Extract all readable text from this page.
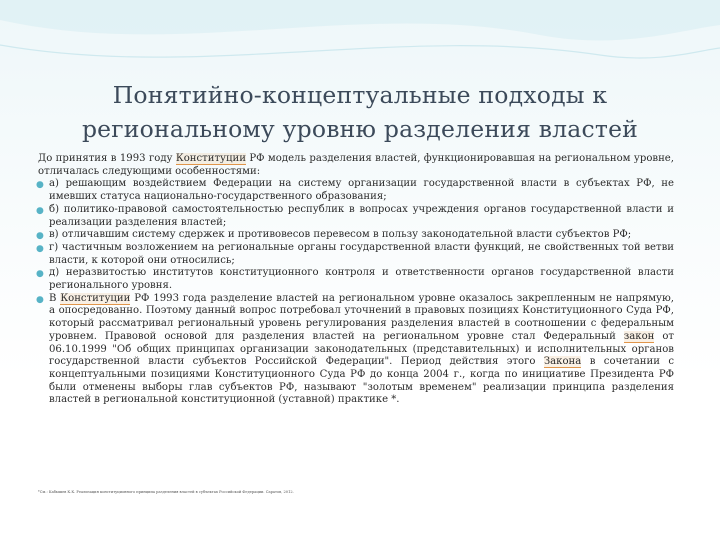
Понятийно-концептуальные подходы к
региональному уровню разделения властей

До принятия в 1993 году Конституции РФ модель разделения властей, функционировавшая на региональном уровне, отличалась следующими особенностями:

● а) решающим воздействием Федерации на систему организации государственной власти в субъектах РФ, не имевших статуса национально-государственного образования;
● б) политико-правовой самостоятельностью республик в вопросах учреждения органов государственной власти и реализации разделения властей;
● в) отличавшим систему сдержек и противовесов перевесом в пользу законодательной власти субъектов РФ;
● г) частичным возложением на региональные органы государственной власти функций, не свойственных той ветви власти, к которой они относились;
● д) неразвитостью институтов конституционного контроля и ответственности органов государственной власти регионального уровня.
● В Конституции РФ 1993 года разделение властей на региональном уровне оказалось закрепленным не напрямую, а опосредованно. Поэтому данный вопрос потребовал уточнений в правовых позициях Конституционного Суда РФ, который рассматривал региональный уровень регулирования разделения властей в соотношении с федеральным уровнем. Правовой основой для разделения властей на региональном уровне стал Федеральный закон от 06.10.1999 "Об общих принципах организации законодательных (представительных) и исполнительных органов государственной власти субъектов Российской Федерации". Период действия этого Закона в сочетании с концептуальными позициями Конституционного Суда РФ до конца 2004 г., когда по инициативе Президента РФ были отменены выборы глав субъектов РФ, называют "золотым временем" реализации принципа разделения властей в региональной конституционной (уставной) практике *.
*См.: Кабышев К.К. Реализация конституционного принципа разделения властей в субъектах Российской Федерации. Саратов, 2012.
